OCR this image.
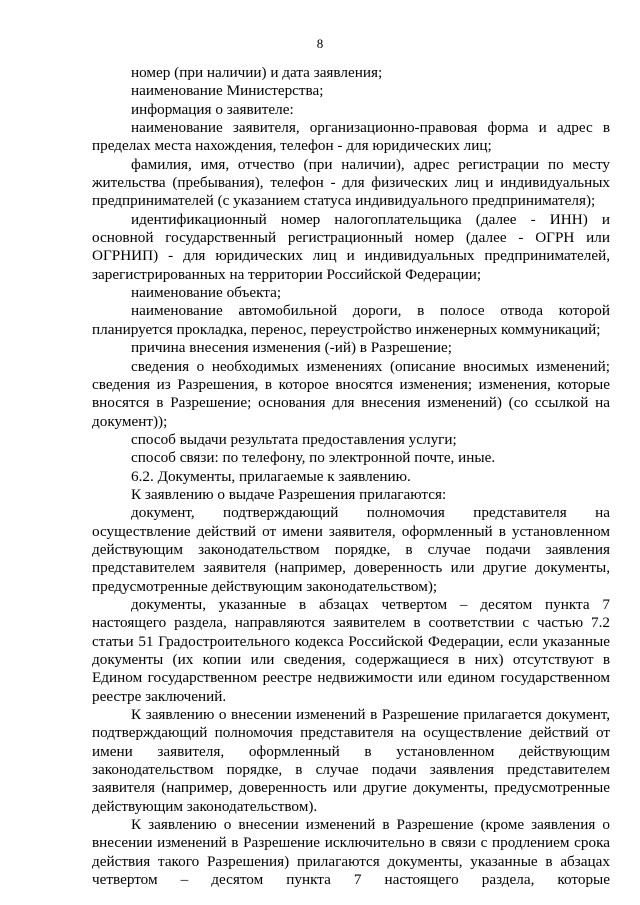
8

номер (при наличии) и дата заявления;

наименование Министерства;

информация о заявителе:

наименование заявителя, организационно-правовая форма и адрес в пределах места нахождения, телефон - для юридических лиц;

фамилия, имя, отчество (при наличии), адрес регистрации по месту жительства (пребывания), телефон - для физических лиц и индивидуальных предпринимателей (с указанием статуса индивидуального предпринимателя);

идентификационный номер налогоплательщика (далее - ИНН) и основной государственный регистрационный номер (далее - ОГРН или ОГРНИП) - для юридических лиц и индивидуальных предпринимателей, зарегистрированных на территории Российской Федерации;

наименование объекта;

наименование автомобильной дороги, в полосе отвода которой планируется прокладка, перенос, переустройство инженерных коммуникаций;

причина внесения изменения (-ий) в Разрешение;

сведения о необходимых изменениях (описание вносимых изменений; сведения из Разрешения, в которое вносятся изменения; изменения, которые вносятся в Разрешение; основания для внесения изменений) (со ссылкой на документ));

способ выдачи результата предоставления услуги;

способ связи: по телефону, по электронной почте, иные.

6.2. Документы, прилагаемые к заявлению.

К заявлению о выдаче Разрешения прилагаются:

документ, подтверждающий полномочия представителя на осуществление действий от имени заявителя, оформленный в установленном действующим законодательством порядке, в случае подачи заявления представителем заявителя (например, доверенность или другие документы, предусмотренные действующим законодательством);

документы, указанные в абзацах четвертом – десятом пункта 7 настоящего раздела, направляются заявителем в соответствии с частью 7.2 статьи 51 Градостроительного кодекса Российской Федерации, если указанные документы (их копии или сведения, содержащиеся в них) отсутствуют в Едином государственном реестре недвижимости или едином государственном реестре заключений.

К заявлению о внесении изменений в Разрешение прилагается документ, подтверждающий полномочия представителя на осуществление действий от имени заявителя, оформленный в установленном действующим законодательством порядке, в случае подачи заявления представителем заявителя (например, доверенность или другие документы, предусмотренные действующим законодательством).

К заявлению о внесении изменений в Разрешение (кроме заявления о внесении изменений в Разрешение исключительно в связи с продлением срока действия такого Разрешения) прилагаются документы, указанные в абзацах четвертом – десятом пункта 7 настоящего раздела, которые
